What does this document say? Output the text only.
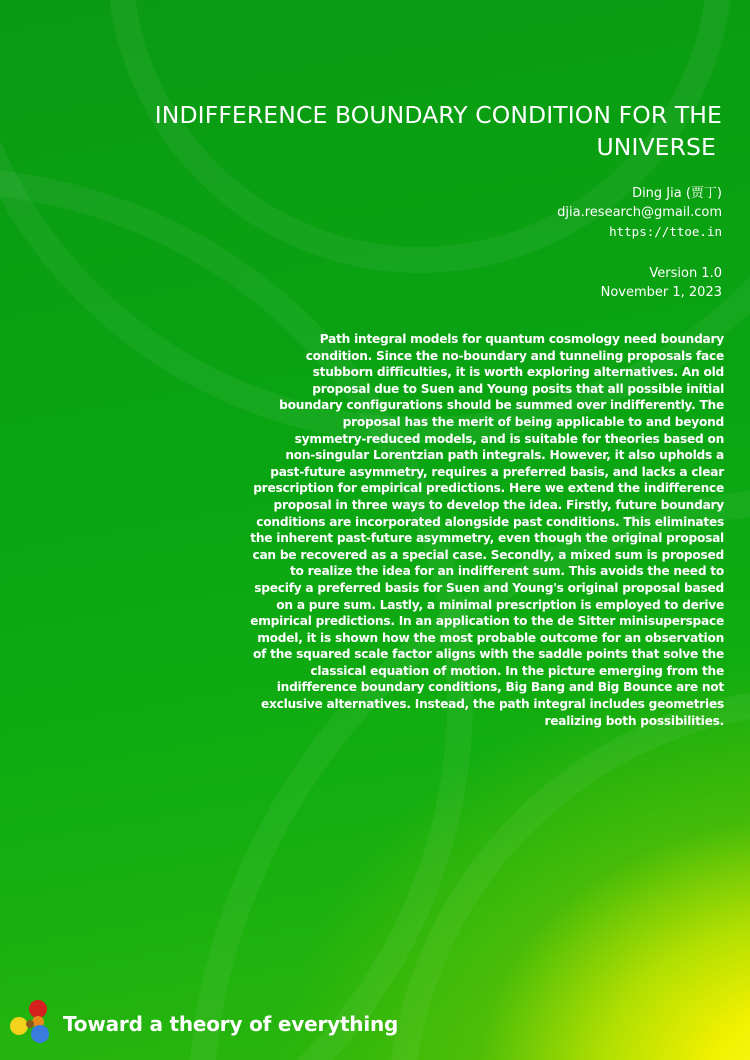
INDIFFERENCE BOUNDARY CONDITION FOR THE
UNIVERSE
Ding Jia (贾丁)
djia.research@gmail.com
https://ttoe.in
Version 1.0
November 1, 2023
Path integral models for quantum cosmology need boundary
condition. Since the no-boundary and tunneling proposals face
stubborn difficulties, it is worth exploring alternatives. An old
proposal due to Suen and Young posits that all possible initial
boundary configurations should be summed over indifferently. The
proposal has the merit of being applicable to and beyond
symmetry-reduced models, and is suitable for theories based on
non-singular Lorentzian path integrals. However, it also upholds a
past-future asymmetry, requires a preferred basis, and lacks a clear
prescription for empirical predictions. Here we extend the indifference
proposal in three ways to develop the idea. Firstly, future boundary
conditions are incorporated alongside past conditions. This eliminates
the inherent past-future asymmetry, even though the original proposal
can be recovered as a special case. Secondly, a mixed sum is proposed
to realize the idea for an indifferent sum. This avoids the need to
specify a preferred basis for Suen and Young's original proposal based
on a pure sum. Lastly, a minimal prescription is employed to derive
empirical predictions. In an application to the de Sitter minisuperspace
model, it is shown how the most probable outcome for an observation
of the squared scale factor aligns with the saddle points that solve the
classical equation of motion. In the picture emerging from the
indifference boundary conditions, Big Bang and Big Bounce are not
exclusive alternatives. Instead, the path integral includes geometries
realizing both possibilities.
Toward a theory of everything
